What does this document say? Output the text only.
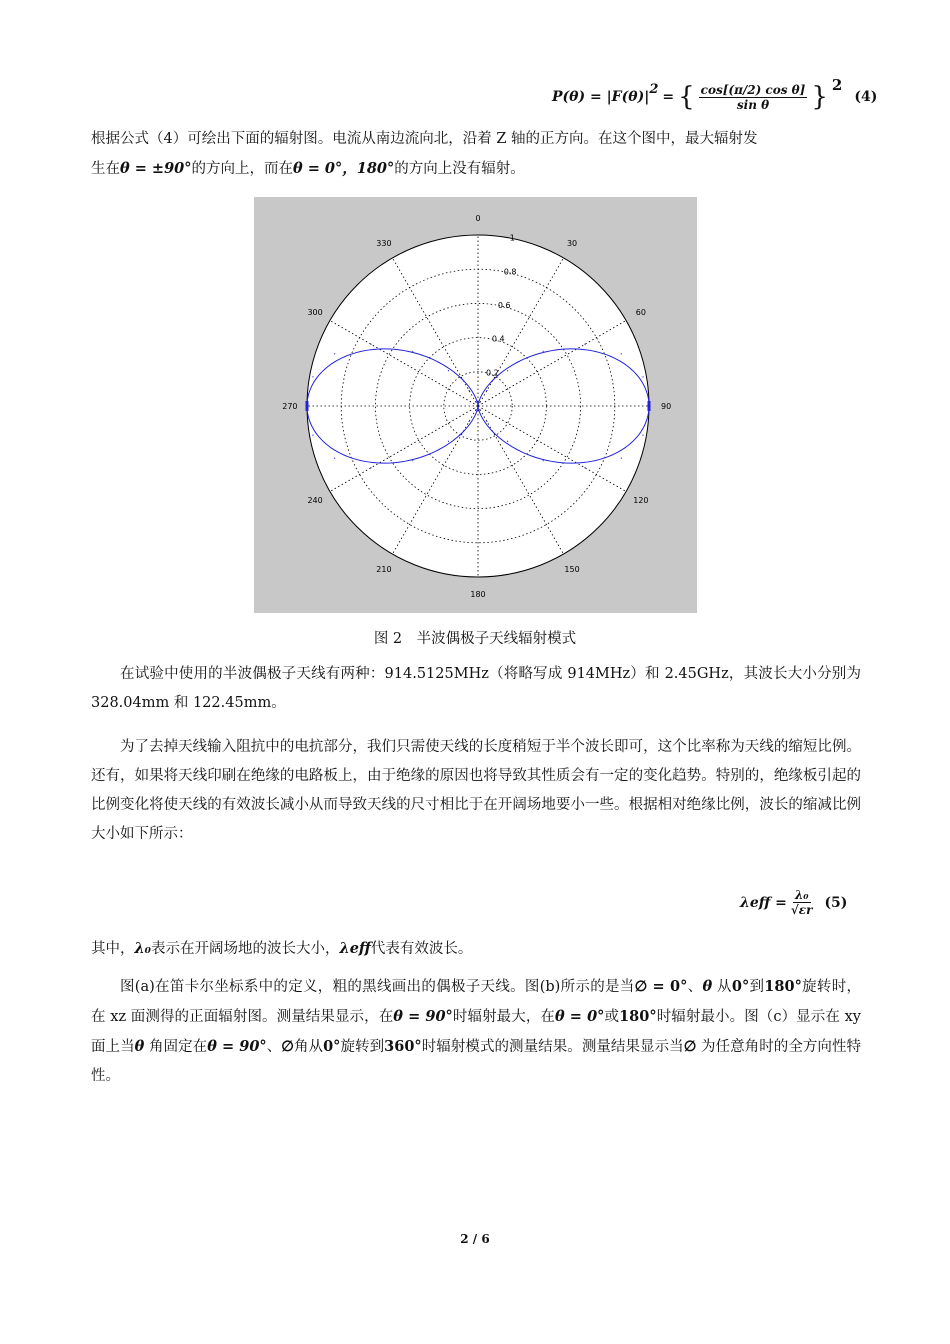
P(θ) = |F(θ)| 2 = { $\frac{\text{cos[(π/2) cos θ]}}{\text{sin θ}}$ } 2
(4)
根据公式（4）可绘出下面的辐射图。电流从南边流向北，沿着 Z 轴的正方向。在这个图中，最大辐射发
生在θ = ±90°的方向上，而在θ = 0°，180°的方向上没有辐射。
0
30
60
90
120
150
180
210
240
270
300
330
0.2
0.4
0.6
0.8
1
图 2　半波偶极子天线辐射模式
在试验中使用的半波偶极子天线有两种：914.5125MHz（将略写成 914MHz）和 2.45GHz，其波长大小分别为 328.04mm 和 122.45mm。
为了去掉天线输入阻抗中的电抗部分，我们只需使天线的长度稍短于半个波长即可，这个比率称为天线的缩短比例。还有，如果将天线印刷在绝缘的电路板上，由于绝缘的原因也将导致其性质会有一定的变化趋势。特别的，绝缘板引起的比例变化将使天线的有效波长减小从而导致天线的尺寸相比于在开阔场地要小一些。根据相对绝缘比例，波长的缩减比例大小如下所示：
$\lambda eff = \frac{\text{λ₀}}{√\varepsilon r} (5)$
其中，λ₀表示在开阔场地的波长大小，λeff代表有效波长。
图(a)在笛卡尔坐标系中的定义，粗的黑线画出的偶极子天线。图(b)所示的是当∅ = 0°、θ 从0°到180°旋转时，在 xz 面测得的正面辐射图。测量结果显示，在θ = 90°时辐射最大，在θ = 0°或180°时辐射最小。图（c）显示在 xy 面上当θ 角固定在θ = 90°、∅角从0°旋转到360°时辐射模式的测量结果。测量结果显示当∅ 为任意角时的全方向性特性。
2 / 6
